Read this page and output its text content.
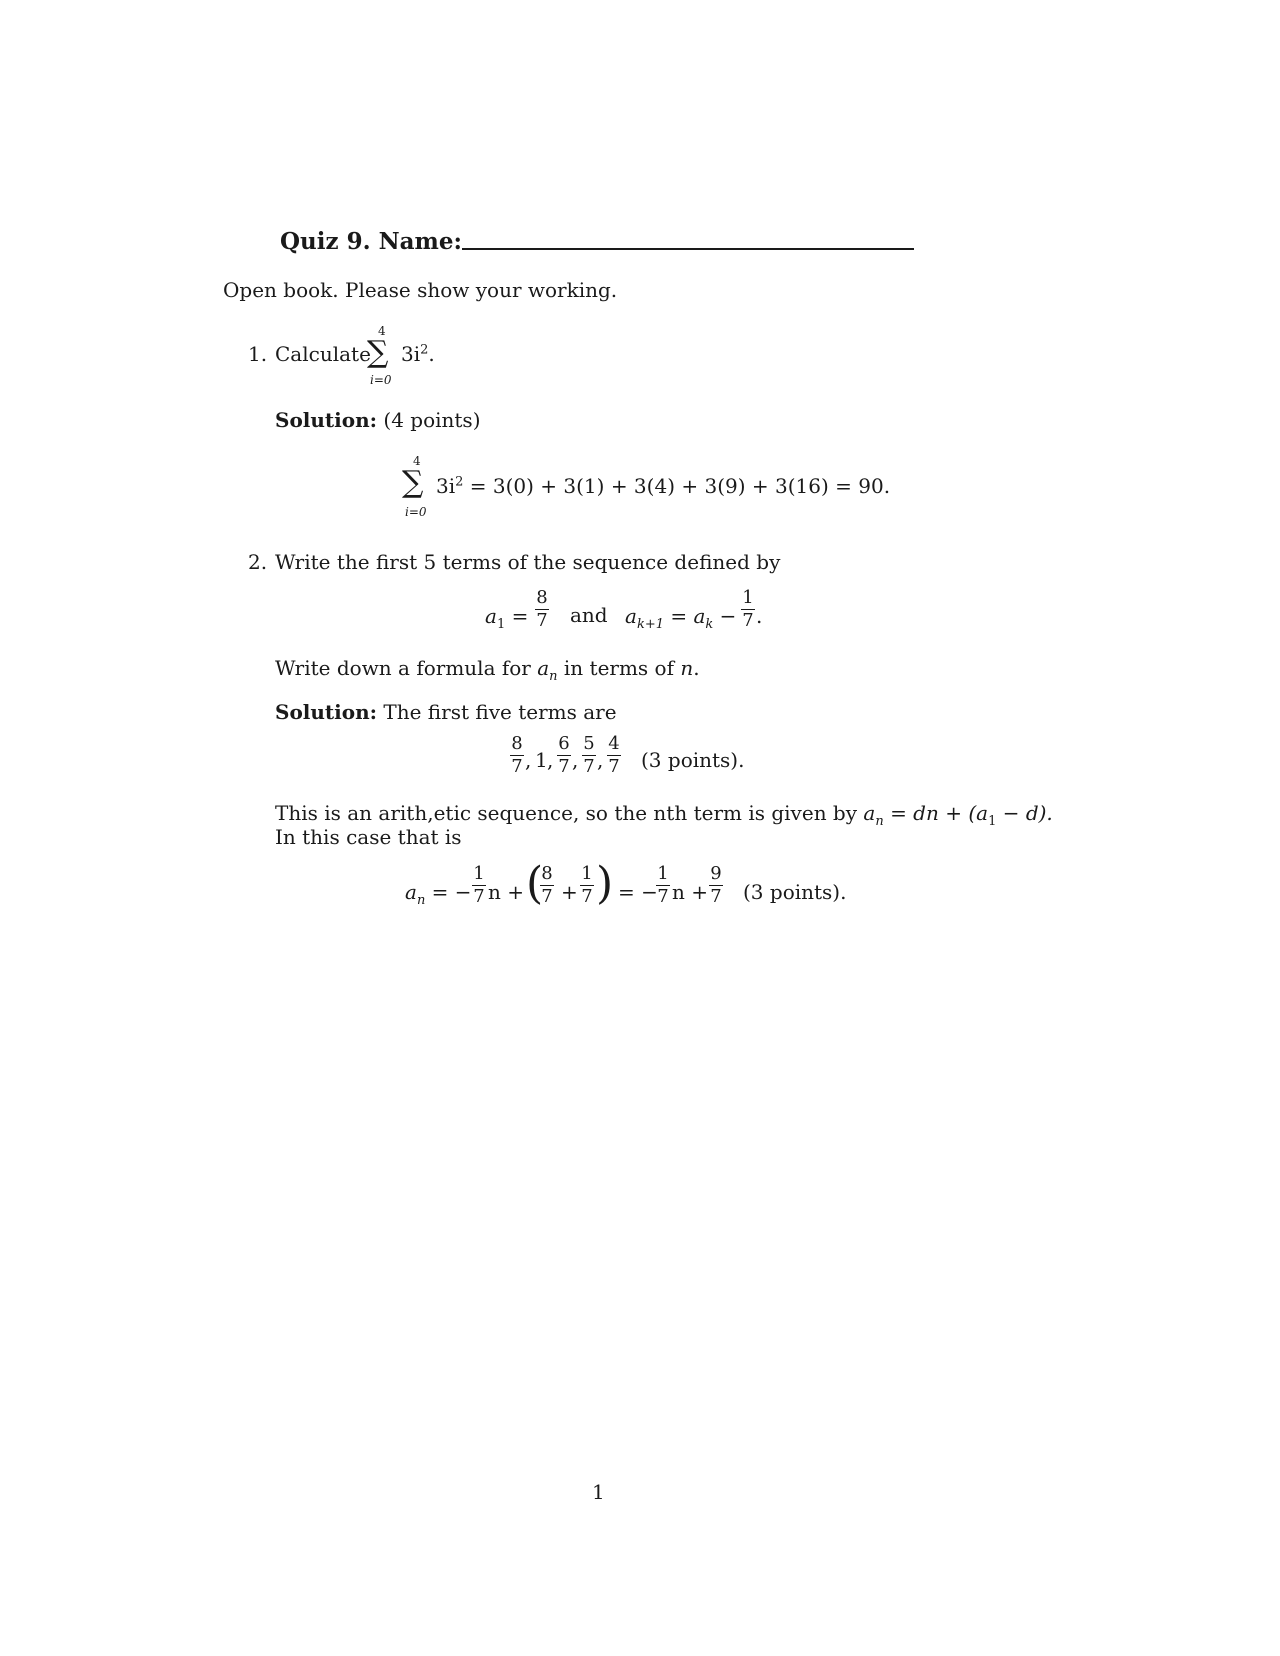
Quiz 9. Name:
Open book. Please show your working.
1. Calculate
4
∑
i=0
$3i^2$.
Solution: (4 points)
4
∑
i=0
$3i^2 = 3(0) + 3(1) + 3(4) + 3(9) + 3(16) = 90$.
2. Write the first 5 terms of the sequence defined by
$a_1$ =
8
7 and $a_{k+1} = a_k$ −
1
7 .
Write down a formula for $a_n$ in terms of n.
Solution: The first five terms are
8
7 , 1 ,
6
7 ,
5
7 ,
4
7 (3 points).
This is an arith,etic sequence, so the nth term is given by $a_n$ = dn + $(a_1 - d)$.
In this case that is
$a_n$ = −
1
7 n + (
8
7 +
1
7 ) = −
1
7 n +
9
7 (3 points).
1
